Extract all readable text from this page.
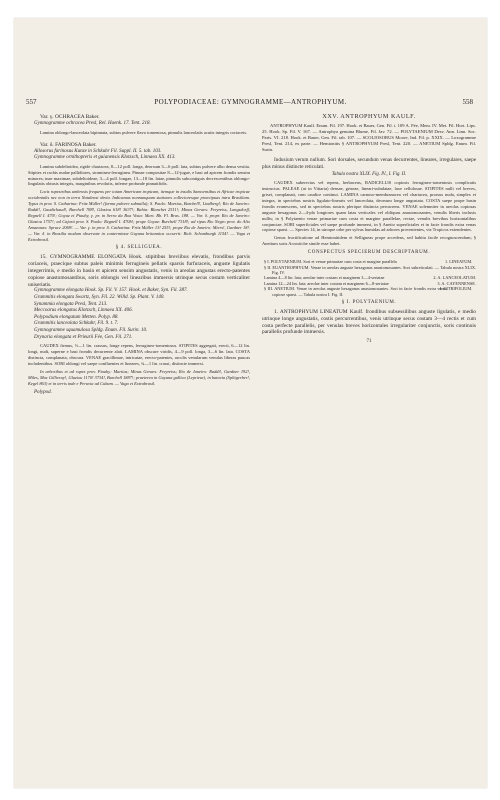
557	POLYPODIACEAE: GYMNOGRAMME—ANTROPHYUM.	558

Var. γ. OCHRACEA Baker.

Gymnogramme ochracea Presl, Rel. Haenk. 17. Tent. 218.

Lamina oblongo-lanceolata bipinnata, subtus pulvere flavo tomentosa, pinnulis lanceolatis acutis integris coriaceis.

Var. δ. FARINOSA Baker.

Allosorus farinosus Kunze in Schkuhr Fil. Suppl. II. 5. tab. 103.

Gymnogramme ornithopteris et guianensis Klotzsch, Linnaea XX. 413.

Lamina subdeltoidea, rigide chartacea, 8—12 poll. longa, deorsum 3—6 poll. lata, subtus pulvere albo densa vestita. Stipites et rachis nudae pallidiores, straminea-ferruginea. Pinnae compositae 8—12-jugae, e basi ad apicem frondis sensim minores; inae maximae, subdeltoideae, 3—4 poll. longae, 13—18 lin. latae, pinnulis subcontiguis decrescentibus oblongo-lingulatis obtusis integris, marginibus revolutis, inferne profunde pinnatifidis.

Locis rupestribus umbrosis frequens per totam Americam tropicam, itemque in insulis Samoensibus et Africae tropicae occidentalis nec non in terra Natalensi obvia. Indicamus nonnunquam stationes collectoresque praecipuas intra Brasiliam. Typus in prov. S. Catharina: Fritz Müller! (forma pulvere subnulla); S. Paulo: Martius, Burchell!, Lindberg!; Rio de Janeiro: Raddi!, Gaudichaud!, Burchell 788!, Glaziou 618! 3637!; Bahia: Blanchet 2511!; Minas Geraes: Freyreiss, Langsdorff, Regnell I. 470!; Goyaz et Piauhy, γ. pr. in Serra da Boa Vista: Mart. Bb. Fl. Bras. 188. — Var. δ. propr. Rio de Janeiro: Glaziou 1757!; ad Cajurú prov. S. Paulo: Regnell I. 470b!; prope Goyaz: Burchell 7318!; ad ripas Rio Negro prov. do Alto Amazonas: Spruce 2069!. — Var. γ. in prov. S. Catharina: Fritz Müller 13! 255!; prope Rio de Janeiro: Miers!, Gardner 18!. — Var. δ. in Brasilia modum observate in conterminae Guyana britannica occurrit: Rich. Schomburgk 1154!. — Vaga et Extrabrasil.

§ 4. SELLIGUEA.

15. GYMNOGRAMME ELONGATA Hook. stipitibus breviibus elevatis, frondibus parvis coriaceis, praecique subtus paleis minimis ferrugineis pellatis sparsis furfuraceis, anguste ligulatis integerrimis, e medio in basin et apicem sensim angustatis, venis in areolas angustas erecto-patentes copiose anastomosantibus, soris oblongis vel linearibus immersis utrinque secus costam verticaliter uniseriatis.

Gymnogramme elongata Hook. Sp. Fil. V. 157. Hook. et Baker, Syn. Fil. 387.

Grammitis elongata Swartz, Syn. Fil. 22. Willd. Sp. Plant. V. 140.

Synammia elongata Presl, Tent. 213.

Meccoarus elongatus Klotzsch, Linnaea XX. 406.

Polypodium elongatum Metten. Polyp. 88.

Grammitis lanceolata Schkuhr, Fil. 9. t. 7.

Gymnogramme squamulosa Spldg. Enum. Fil. Surin. 10.

Drynaria elongata et Prieurii Fée, Gen. Fil. 271.

CAUDEX firmus, ⅓—1 lin. crassus, longe repens, ferrugineo-tomentosus. STIPITES aggregati, erecti, 6—12 lin. longi, nudi, superne e basi frondis decurrente alati. LAMINA obscure viridis, 4—9 poll. longa, 3—6 lin. lata. COSTA distincta, complanata, obscura. VENAE gracillimae, intricatae, erecto-patentes, arcolis venularum venulas liberas paucas includentibus. SORI oblongi vel saepe confluentes et lineares, ¾—1 lin. crassi, distincte immersi.

In arboribus et ad rupes prov. Piauhy: Martius; Minas Geraes: Freyreiss; Rio de Janeiro: Raddi!, Gardner 192!, Miles, Mac Gillivray!, Glaziou 1170! 3734!, Burchell 1887!; praeterea in Guyana gallica (Leprieur), in batavia (Splitgerber!, Kegel 863) et in terris inde e Peruvia ad Cubam. — Vaga et Extrabrasil.

Polypod.

XXV. ANTROPHYUM KAULF.

ANTROPHYUM Kaulf. Enum. Fil. 197. Hook. et Bauer, Gen. Fil. t. 109 A. Fée, Mem. IV. Met. Fil. Hort. Lips. 25. Hook. Sp. Fil. V. 167. — Antrophya genuina Blume, Fil. Jav. 72. — POLYTAENIUM Desv. Ann. Linn. Soc. Paris. VI. 218. Hook. et Bauer, Gen. Fil. tab. 107. — SCOLIOSORUS Moore, Ind. Fil. p. XXIX. — Loxogramme Presl, Tent. 214, ex parte. — Hemionitis § ANTROPHYUM Presl, Tent. 220. — ANETIUM Spldg. Enum. Fil. Surin.

Indusium verum nullum. Sori dorsales, secundum venas decurrentes, lineares, irregulares, saepe plus minus distincte reticulati.

Tabula nostra XLIX. Fig. IV., I. Fig. II.

CAUDEX suberectus vel repens, herbaceus, RADICELLIS copiosis ferrugineo-tomentosis complicatis instructus. PALEAE (ut in Vittaria) densae, griseae, lineari-subulatae, laxe cellulosae. STIPITES nulli vel breves, grisei, complanati, cum caudice continui. LAMINA carnoso-membranacea vel chartacea, prorsus nuda, simplex et integra, in speciebus nostris ligulato-linearis vel lanceolata, deorsum longe angustata. COSTA saepe prope basin frondis evanescens, sed in speciebus nostris plerique distincta percurrens. VENAE solemniter in areolas copiosas anguste hexagonas 2—4-plo longiores quam latas verticales vel obliquas anastomosantes, venulis liberis inclusis nullis; in § Polytaenio venae primariae cum costa et margine parallelae, rectae, venulis brevibus horizontalibus conjunctae. SORI superficiales vel saepe profunde immersi, in § Anetio superficiales et in facie frondis extra venas copiose sparsi. — Species 14, in utroque orbe per sylvas humidas ad arbores provenientes, viz Tropicos extendentes.

Genus fructificatione ad Hemionitidem et Selligueas prope accedens, sed habitu facile recognoscendum; § Anetium soris Acrostiche simile esse habet.

CONSPECTUS SPECIERUM DESCRIPTARUM.

1. LINEATUM.
§ I. POLYTAENIUM. Sori et venae primariae cum costa et margine parallela

§ II. EUANTROPHYUM. Venae in areolas anguste hexagonas anastomosantes. Sori subreticulati. — Tabula nostra XLIX. Fig. IV.

2. A. LANCEOLATUM.
Lamina 4—8 lin. lata; areolae inter costam et marginem 3—4-seriatae

3. A. CAYENNENSE.
Lamina 12—24 lin. lata; areolae inter costam et marginem 6—8-seriatae

4. CITRIFOLIUM.
§ III. ANETIUM. Venae in areolas anguste hexagonas anastomosantes. Sori in facie frondis extra venas copiose sparsi. — Tabula nostra I. Fig. II.

§ I. POLYTAENIUM.

1. ANTROPHYUM LINEATUM Kaulf. frondibus subsessilibus anguste ligulatis, e medio utrinque longe angustatis, costis percurrentibus, venis utrinque secus costam 3—4 rectis et cum costa perfecte parallelis, per venulas breves horizontales irregulariter conjunctis, soris continuis parallelis profunde immersis.

71
